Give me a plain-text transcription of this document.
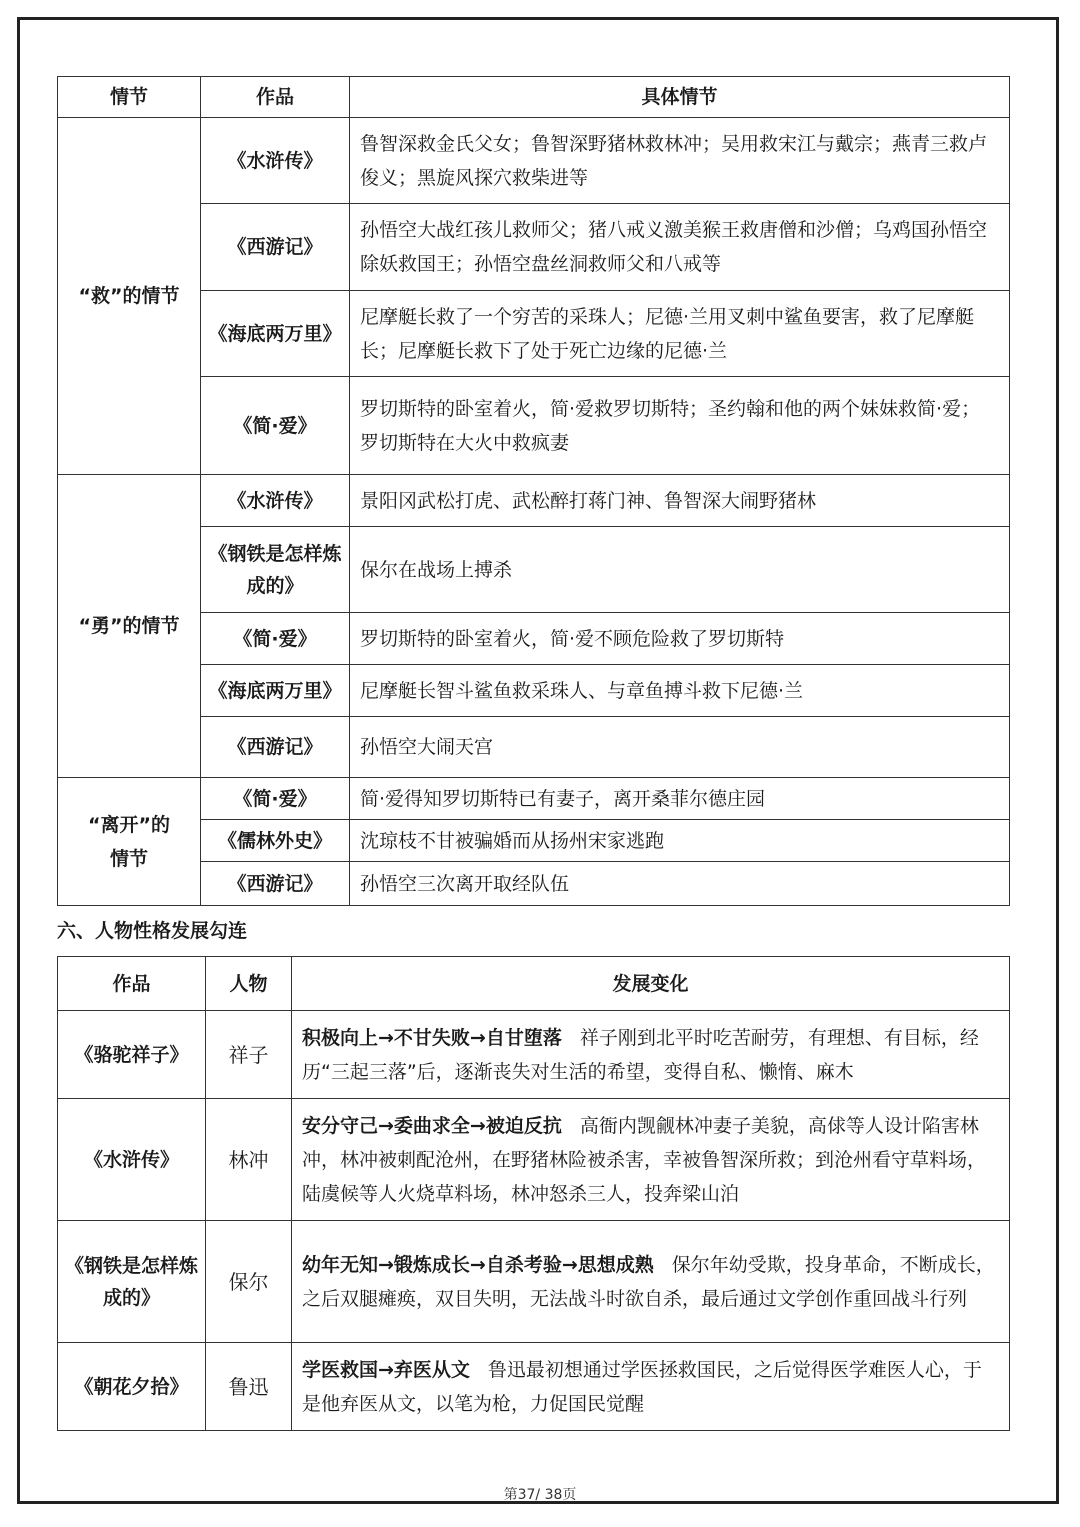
情节	作品	具体情节
“救”的情节	《水浒传》	鲁智深救金氏父女；鲁智深野猪林救林冲；吴用救宋江与戴宗；燕青三救卢俊义；黑旋风探穴救柴进等
	《西游记》	孙悟空大战红孩儿救师父；猪八戒义激美猴王救唐僧和沙僧；乌鸡国孙悟空除妖救国王；孙悟空盘丝洞救师父和八戒等
	《海底两万里》	尼摩艇长救了一个穷苦的采珠人；尼德·兰用叉刺中鲨鱼要害，救了尼摩艇长；尼摩艇长救下了处于死亡边缘的尼德·兰
	《简·爱》	罗切斯特的卧室着火，简·爱救罗切斯特；圣约翰和他的两个妹妹救简·爱；罗切斯特在大火中救疯妻
“勇”的情节	《水浒传》	景阳冈武松打虎、武松醉打蒋门神、鲁智深大闹野猪林
	《钢铁是怎样炼成的》	保尔在战场上搏杀
	《简·爱》	罗切斯特的卧室着火，简·爱不顾危险救了罗切斯特
	《海底两万里》	尼摩艇长智斗鲨鱼救采珠人、与章鱼搏斗救下尼德·兰
	《西游记》	孙悟空大闹天宫
“离开”的情节	《简·爱》	简·爱得知罗切斯特已有妻子，离开桑菲尔德庄园
	《儒林外史》	沈琼枝不甘被骗婚而从扬州宋家逃跑
	《西游记》	孙悟空三次离开取经队伍
六、人物性格发展勾连
作品	人物	发展变化
《骆驼祥子》	祥子	积极向上→不甘失败→自甘堕落 祥子刚到北平时吃苦耐劳，有理想、有目标，经历“三起三落”后，逐渐丧失对生活的希望，变得自私、懒惰、麻木
《水浒传》	林冲	安分守己→委曲求全→被迫反抗 高衙内觊觎林冲妻子美貌，高俅等人设计陷害林冲，林冲被刺配沧州，在野猪林险被杀害，幸被鲁智深所救；到沧州看守草料场，陆虞候等人火烧草料场，林冲怒杀三人，投奔梁山泊
《钢铁是怎样炼成的》	保尔	幼年无知→锻炼成长→自杀考验→思想成熟 保尔年幼受欺，投身革命，不断成长，之后双腿瘫痪，双目失明，无法战斗时欲自杀，最后通过文学创作重回战斗行列
《朝花夕拾》	鲁迅	学医救国→弃医从文 鲁迅最初想通过学医拯救国民，之后觉得医学难医人心，于是他弃医从文，以笔为枪，力促国民觉醒
第37/ 38页
